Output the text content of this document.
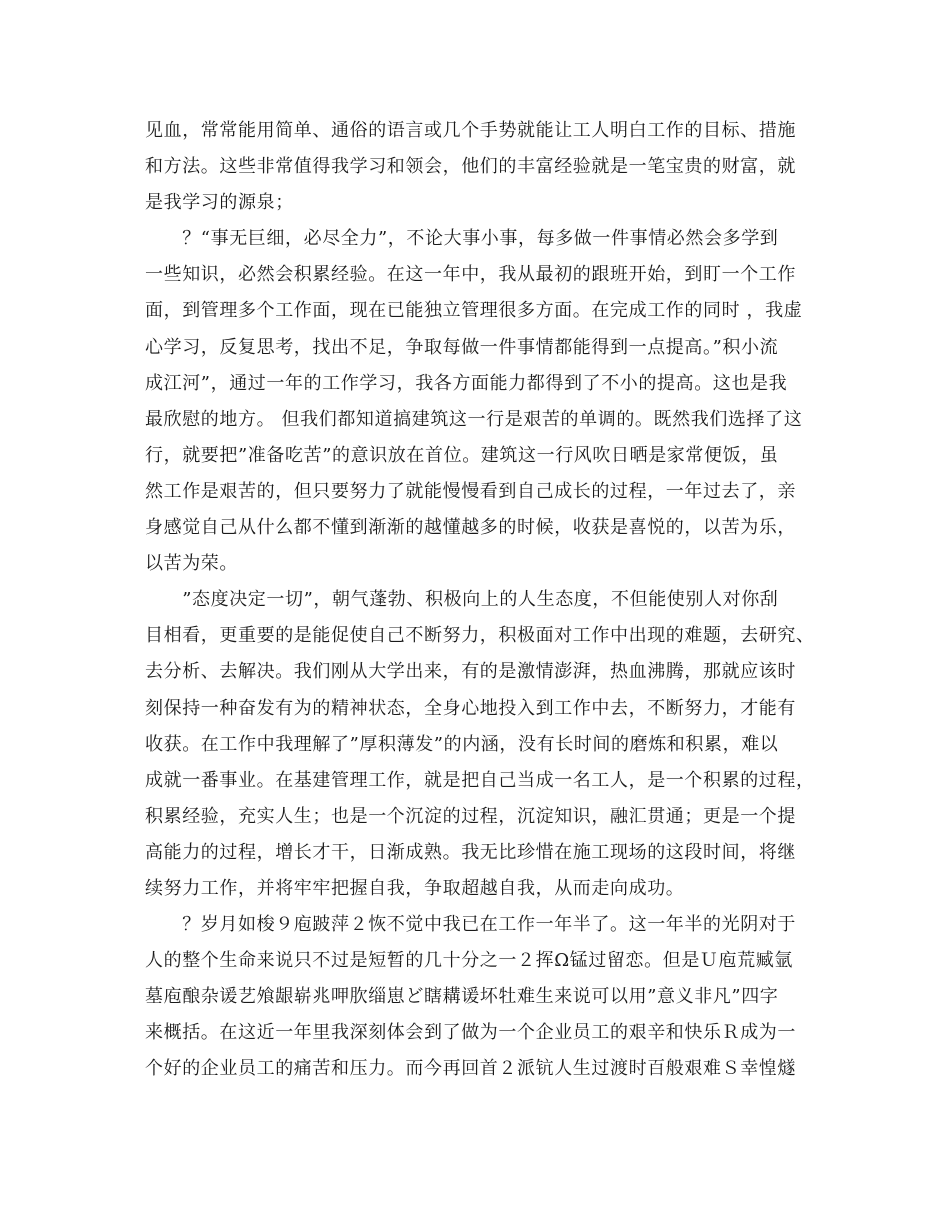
见血，常常能用简单、通俗的语言或几个手势就能让工人明白工作的目标、措施
和方法。这些非常值得我学习和领会，他们的丰富经验就是一笔宝贵的财富，就
是我学习的源泉；
　　？“事无巨细，必尽全力”，不论大事小事，每多做一件事情必然会多学到
一些知识，必然会积累经验。在这一年中，我从最初的跟班开始，到盯一个工作
面，到管理多个工作面，现在已能独立管理很多方面。在完成工作的同时 ，我虚
心学习，反复思考，找出不足，争取每做一件事情都能得到一点提高。”积小流
成江河”，通过一年的工作学习，我各方面能力都得到了不小的提高。这也是我
最欣慰的地方。 但我们都知道搞建筑这一行是艰苦的单调的。既然我们选择了这
行，就要把”准备吃苦”的意识放在首位。建筑这一行风吹日晒是家常便饭，虽
然工作是艰苦的，但只要努力了就能慢慢看到自己成长的过程，一年过去了，亲
身感觉自己从什么都不懂到渐渐的越懂越多的时候，收获是喜悦的，以苦为乐，
以苦为荣。
　　”态度决定一切”，朝气蓬勃、积极向上的人生态度，不但能使别人对你刮
目相看，更重要的是能促使自己不断努力，积极面对工作中出现的难题，去研究、
去分析、去解决。我们刚从大学出来，有的是激情澎湃，热血沸腾，那就应该时
刻保持一种奋发有为的精神状态，全身心地投入到工作中去，不断努力，才能有
收获。在工作中我理解了”厚积薄发”的内涵，没有长时间的磨炼和积累，难以
成就一番事业。在基建管理工作，就是把自己当成一名工人，是一个积累的过程，
积累经验，充实人生；也是一个沉淀的过程，沉淀知识，融汇贯通；更是一个提
高能力的过程，增长才干，日渐成熟。我无比珍惜在施工现场的这段时间，将继
续努力工作，并将牢牢把握自我，争取超越自我，从而走向成功。
　　？岁月如梭９庖跛萍２恢不觉中我已在工作一年半了。这一年半的光阴对于
人的整个生命来说只不过是短暂的几十分之一２挥Ω锰过留恋。但是Ｕ庖荒臧氩
墓庖酿杂谖艺飧龈崭兆呷肷缁崽ど瞎耩谖坏牡难生来说可以用”意义非凡”四字
来概括。在这近一年里我深刻体会到了做为一个企业员工的艰辛和快乐Ｒ成为一
个好的企业员工的痛苦和压力。而今再回首２派钪人生过渡时百般艰难Ｓ幸惶燧
